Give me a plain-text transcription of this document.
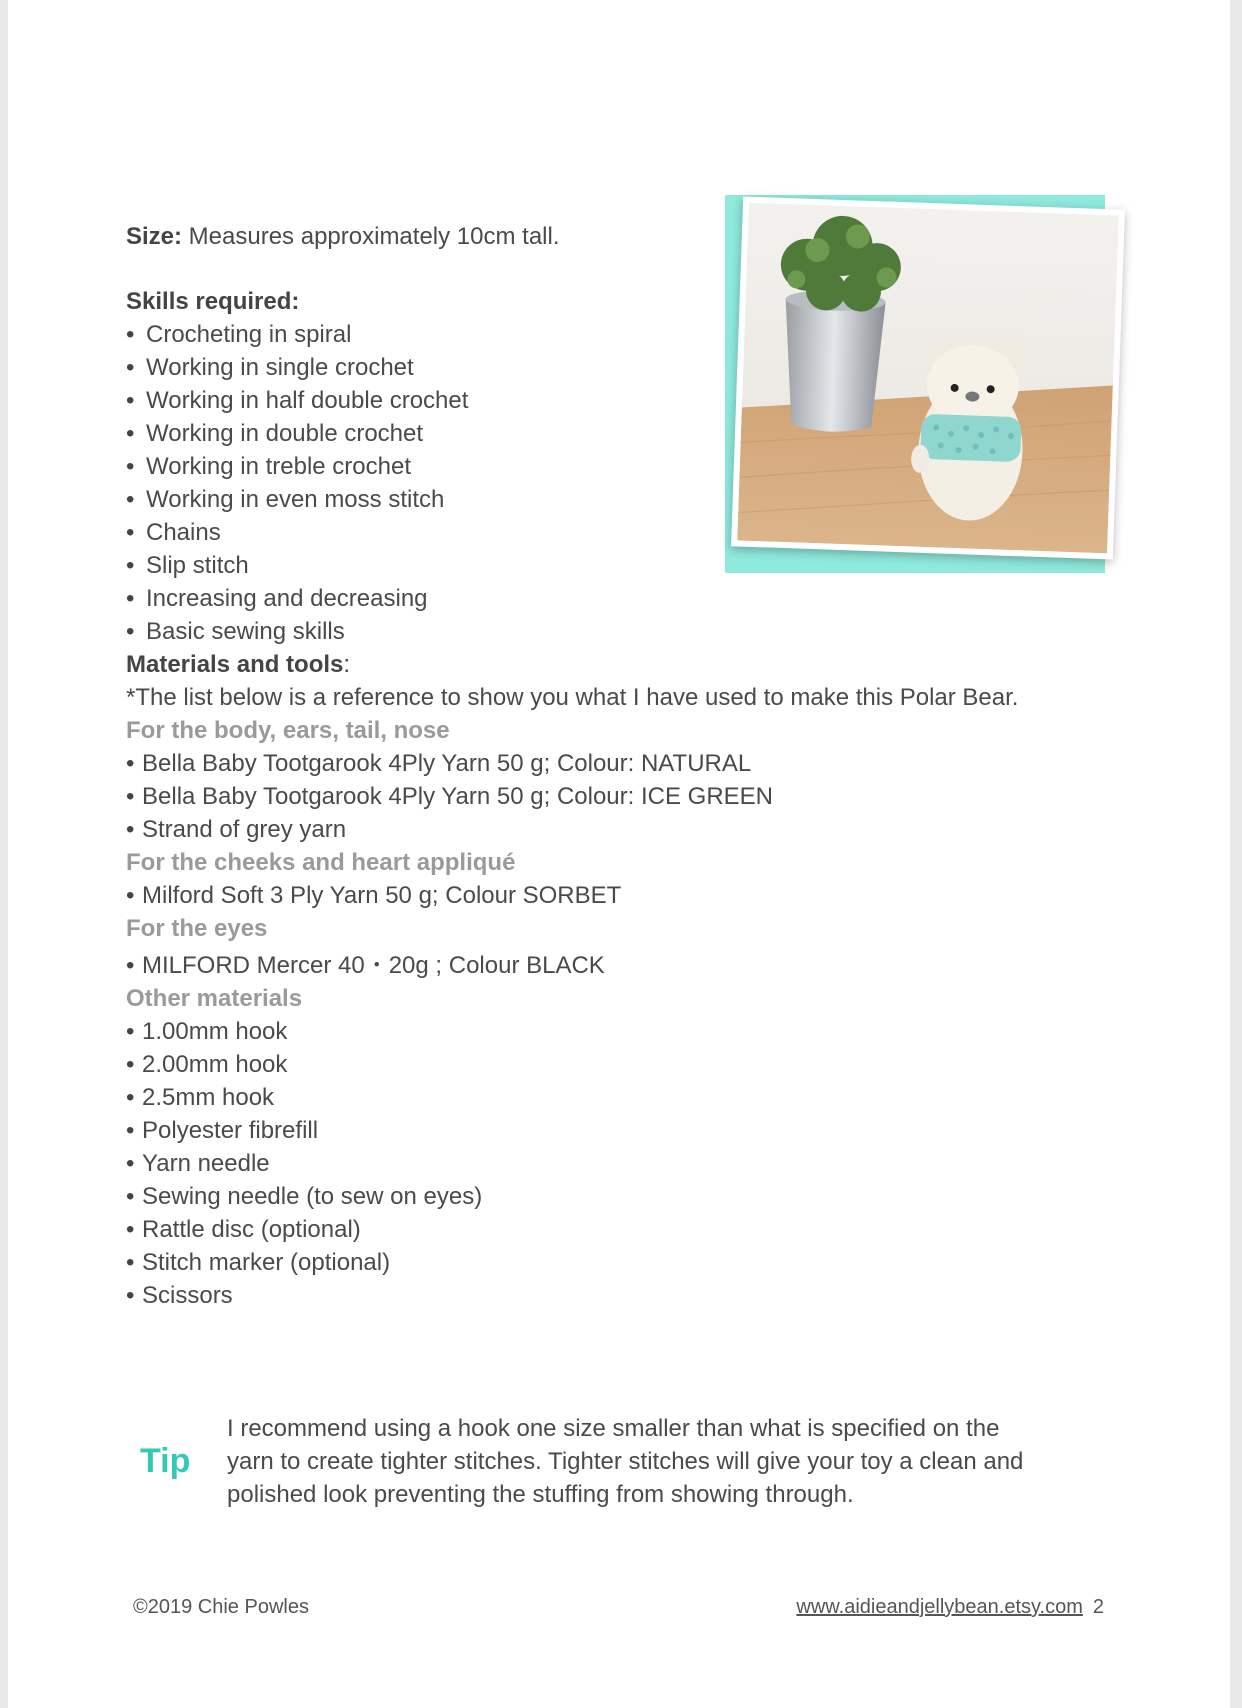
Size: Measures approximately 10cm tall.

Skills required:

• Crocheting in spiral
• Working in single crochet
• Working in half double crochet
• Working in double crochet
• Working in treble crochet
• Working in even moss stitch
• Chains
• Slip stitch
• Increasing and decreasing
• Basic sewing skills

Materials and tools:

*The list below is a reference to show you what I have used to make this Polar Bear.

For the body, ears, tail, nose

• Bella Baby Tootgarook 4Ply Yarn 50 g; Colour: NATURAL
• Bella Baby Tootgarook 4Ply Yarn 50 g; Colour: ICE GREEN
• Strand of grey yarn

For the cheeks and heart appliqué

• Milford Soft 3 Ply Yarn 50 g; Colour SORBET

For the eyes

• MILFORD Mercer 40・20g ; Colour BLACK

Other materials

• 1.00mm hook
• 2.00mm hook
• 2.5mm hook
• Polyester fibrefill
• Yarn needle
• Sewing needle (to sew on eyes)
• Rattle disc (optional)
• Stitch marker (optional)
• Scissors
Tip
I recommend using a hook one size smaller than what is specified on the
yarn to create tighter stitches. Tighter stitches will give your toy a clean and
polished look preventing the stuffing from showing through.
©2019 Chie Powles	www.aidieandjellybean.etsy.com 2
